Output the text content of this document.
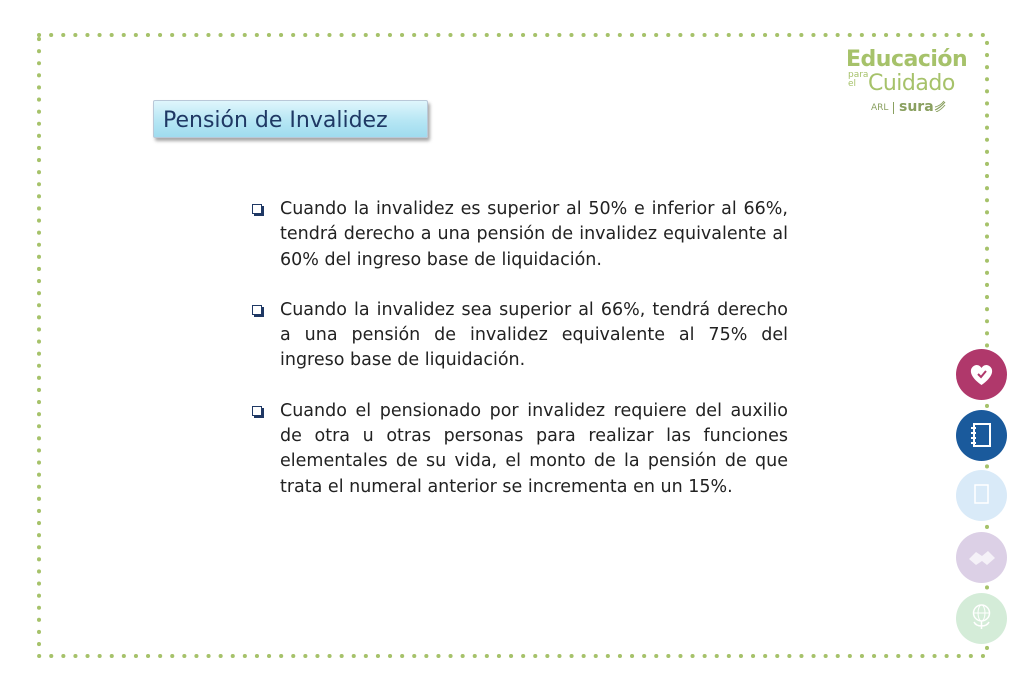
Educación
para
el Cuidado
ARL sura
Pensión de Invalidez

Cuando la invalidez es superior al 50% e inferior al 66%, tendrá derecho a una pensión de invalidez equivalente al 60% del ingreso base de liquidación.

Cuando la invalidez sea superior al 66%, tendrá derecho a una pensión de invalidez equivalente al 75% del ingreso base de liquidación.

Cuando el pensionado por invalidez requiere del auxilio de otra u otras personas para realizar las funciones elementales de su vida, el monto de la pensión de que trata el numeral anterior se incrementa en un 15%.
